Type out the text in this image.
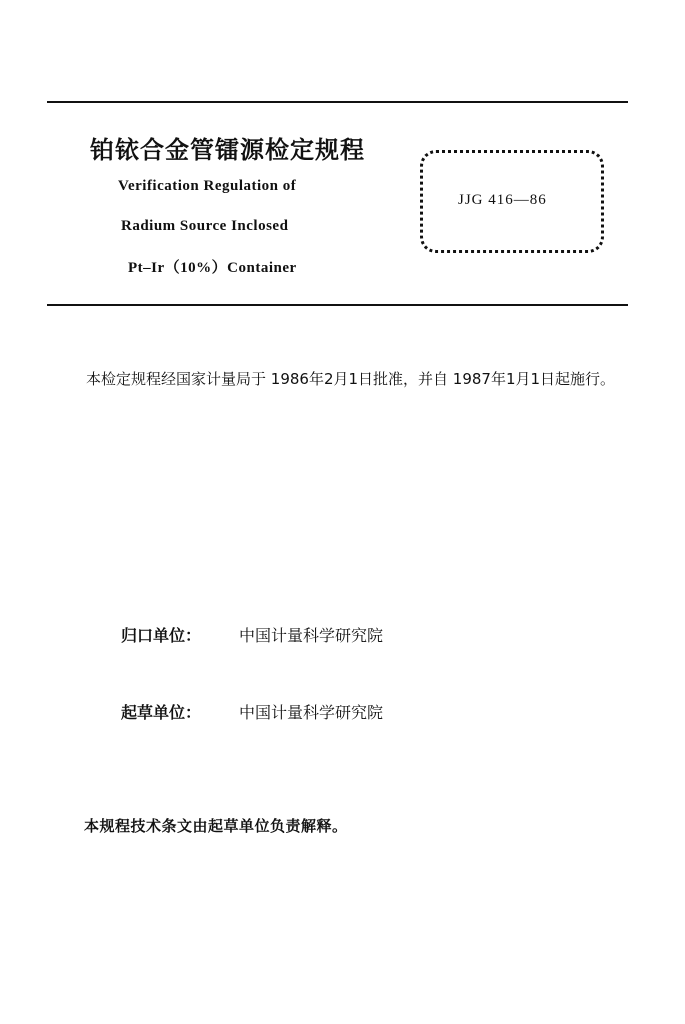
铂铱合金管镭源检定规程
Verification Regulation of
Radium Source Inclosed
Pt–Ir（10%）Container
JJG 416—86
本检定规程经国家计量局于 1986年2月1日批准，并自 1987年1月1日起施行。
归口单位： 中国计量科学研究院
起草单位： 中国计量科学研究院
本规程技术条文由起草单位负责解释。
